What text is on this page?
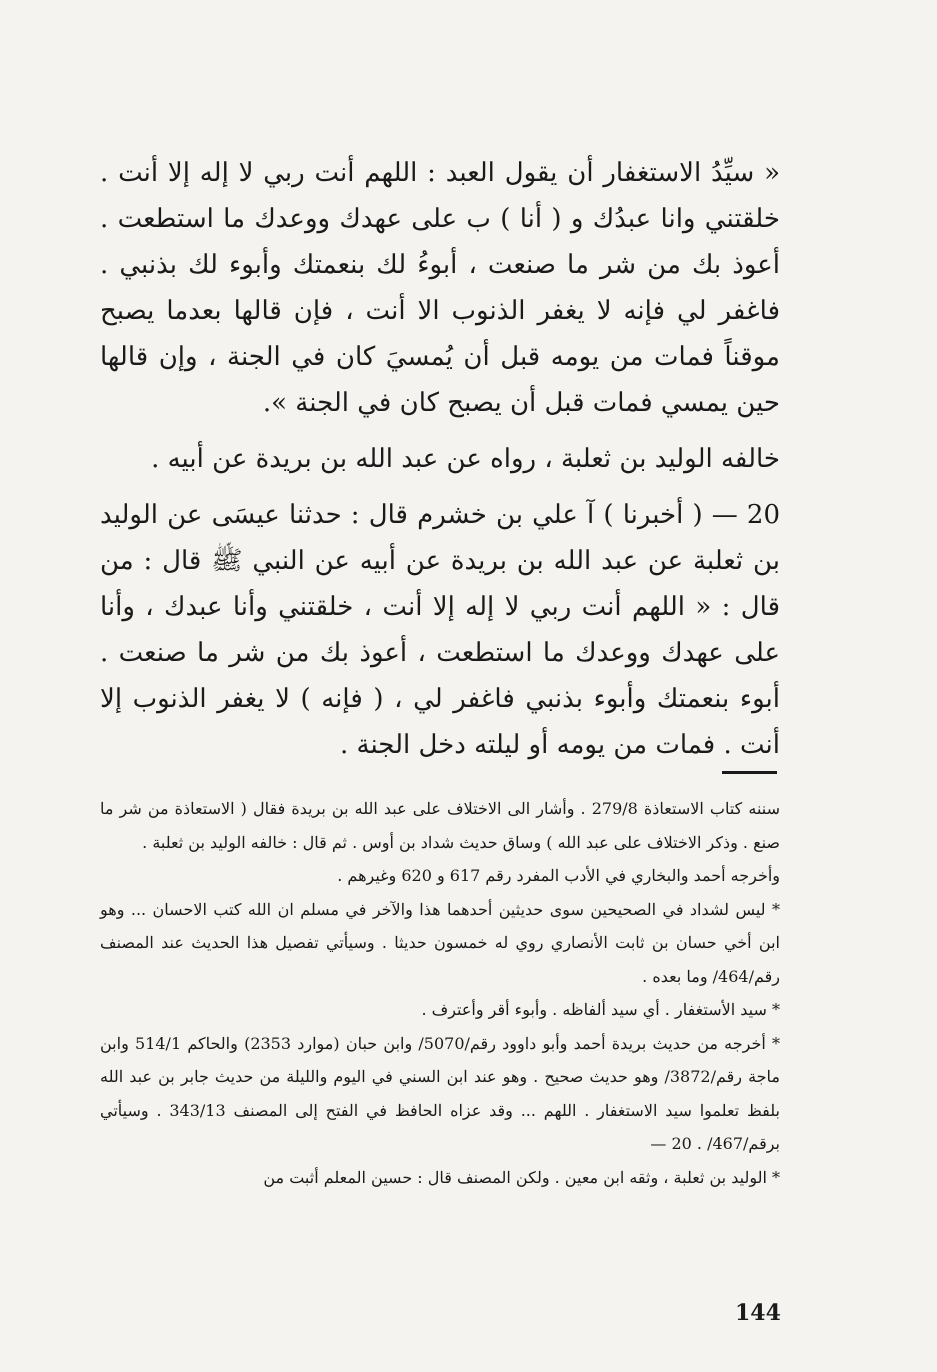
« سيِّدُ الاستغفار أن يقول العبد : اللهم أنت ربي لا إله إلا أنت . خلقتني وانا عبدُك و ( أنا ) ب على عهدك ووعدك ما استطعت . أعوذ بك من شر ما صنعت ، أبوءُ لك بنعمتك وأبوء لك بذنبي . فاغفر لي فإنه لا يغفر الذنوب الا أنت ، فإن قالها بعدما يصبح موقناً فمات من يومه قبل أن يُمسيَ كان في الجنة ، وإن قالها حين يمسي فمات قبل أن يصبح كان في الجنة ».

خالفه الوليد بن ثعلبة ، رواه عن عبد الله بن بريدة عن أبيه .

20 — ( أخبرنا ) آ علي بن خشرم قال : حدثنا عيسَى عن الوليد بن ثعلبة عن عبد الله بن بريدة عن أبيه عن النبي ﷺ قال : من قال : « اللهم أنت ربي لا إله إلا أنت ، خلقتني وأنا عبدك ، وأنا على عهدك ووعدك ما استطعت ، أعوذ بك من شر ما صنعت . أبوء بنعمتك وأبوء بذنبي فاغفر لي ، ( فإنه ) لا يغفر الذنوب إلا أنت . فمات من يومه أو ليلته دخل الجنة .

سننه كتاب الاستعاذة 279/8 . وأشار الى الاختلاف على عبد الله بن بريدة فقال ( الاستعاذة من شر ما صنع . وذكر الاختلاف على عبد الله ) وساق حديث شداد بن أوس . ثم قال : خالفه الوليد بن ثعلبة .

وأخرجه أحمد والبخاري في الأدب المفرد رقم 617 و 620 وغيرهم .

* ليس لشداد في الصحيحين سوى حديثين أحدهما هذا والآخر في مسلم ان الله كتب الاحسان ... وهو ابن أخي حسان بن ثابت الأنصاري روي له خمسون حديثا . وسيأتي تفصيل هذا الحديث عند المصنف رقم/464/ وما بعده .

* سيد الأستغفار . أي سيد ألفاظه . وأبوء أقر وأعترف .

* أخرجه من حديث بريدة أحمد وأبو داوود رقم/5070/ وابن حبان (موارد 2353) والحاكم 514/1 وابن ماجة رقم/3872/ وهو حديث صحيح . وهو عند ابن السني في اليوم والليلة من حديث جابر بن عبد الله بلفظ تعلموا سيد الاستغفار . اللهم ... وقد عزاه الحافظ في الفتح إلى المصنف 343/13 . وسيأتي برقم/467/ . 20 —

* الوليد بن ثعلبة ، وثقه ابن معين . ولكن المصنف قال : حسين المعلم أثبت من

144
